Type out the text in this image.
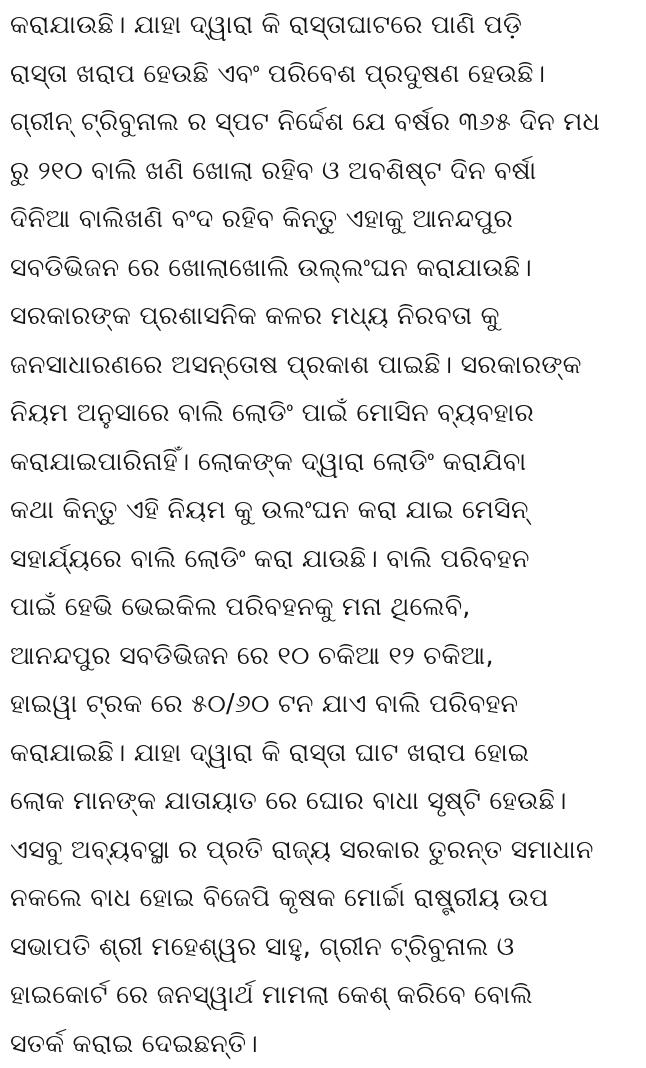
କରାଯାଉଛି। ଯାହା ଦ୍ୱାରା କି ରାସ୍ତାଘାଟରେ ପାଣି ପଡ଼ି
ରାସ୍ତା ଖରାପ ହେଉଛି ଏବଂ ପରିବେଶ ପ୍ରଦୁଷଣ ହେଉଛି।
ଗ୍ରୀନ୍ ଟ୍ରିବୁନାଲ ର ସ୍ପଟ ନିର୍ଦ୍ଦେଶ ଯେ ବର୍ଷର ୩୬୫ ଦିନ ମଧ
ରୁ ୨୧୦ ବାଲି ଖଣି ଖୋଲା ରହିବ ଓ ଅବଶିଷ୍ଟ ଦିନ ବର୍ଷା
ଦିନିଆ ବାଲିଖଣି ବଂଦ ରହିବ କିନ୍ତୁ ଏହାକୁ ଆନନ୍ଦପୁର
ସବଡିଭିଜନ ରେ ଖୋଲାଖୋଲି ଉଲ୍ଲଂଘନ କରାଯାଉଛି।
ସରକାରଙ୍କ ପ୍ରଶାସନିକ କଳର ମଧ୍ୟ ନିରବତା କୁ
ଜନସାଧାରଣରେ ଅସନ୍ତୋଷ ପ୍ରକାଶ ପାଇଛି। ସରକାରଙ୍କ
ନିୟମ ଅନୁସାରେ ବାଲି ଲୋଡିଂ ପାଇଁ ମୋସିନ ବ୍ୟବହାର
କରାଯାଇପାରିନାହିଁ। ଲୋକଙ୍କ ଦ୍ୱାରା ଲୋଡିଂ କରାଯିବା
କଥା କିନ୍ତୁ ଏହି ନିୟମ କୁ ଉଲଂଘନ କରା ଯାଇ ମେସିନ୍
ସହାର୍ଯ୍ୟରେ ବାଲି ଲୋଡିଂ କରା ଯାଉଛି। ବାଲି ପରିବହନ
ପାଇଁ ହେଭି ଭେଇକିଲ ପରିବହନକୁ ମନା ଥିଲେବି,
ଆନନ୍ଦପୁର ସବଡିଭିଜନ ରେ ୧୦ ଚକିଆ ୧୨ ଚକିଆ,
ହାଇୱା ଟ୍ରକ ରେ ୫୦/୬୦ ଟନ ଯାଏ ବାଲି ପରିବହନ
କରାଯାଇଛି। ଯାହା ଦ୍ୱାରା କି ରାସ୍ତା ଘାଟ ଖରାପ ହୋଇ
ଲୋକ ମାନଙ୍କ ଯାତାୟାତ ରେ ଘୋର ବାଧା ସୃଷ୍ଟି ହେଉଛି।
ଏସବୁ ଅବ୍ୟବସ୍ଥା ର ପ୍ରତି ରାଜ୍ୟ ସରକାର ତୁରନ୍ତ ସମାଧାନ
ନକଲେ ବାଧ ହୋଇ ବିଜେପି କୃଷକ ମୋର୍ଚ୍ଚା ରାଷ୍ଟ୍ରୀୟ ଉପ
ସଭାପତି ଶ୍ରୀ ମହେଶ୍ୱର ସାହୁ, ଗ୍ରୀନ ଟ୍ରିବୁନାଲ ଓ
ହାଇକୋର୍ଟ ରେ ଜନସ୍ୱାର୍ଥ ମାମଲା କେଶ୍ କରିବେ ବୋଲି
ସତର୍କ କରାଇ ଦେଇଛନ୍ତି।
